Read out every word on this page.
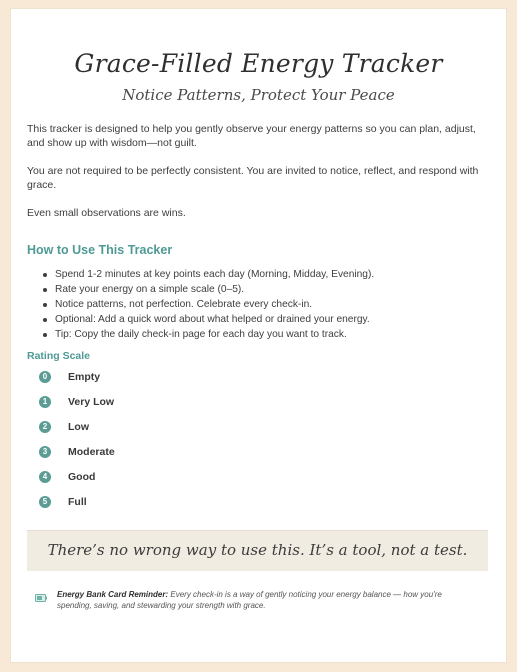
Grace-Filled Energy Tracker
Notice Patterns, Protect Your Peace
This tracker is designed to help you gently observe your energy patterns so you can plan, adjust, and show up with wisdom—not guilt.
You are not required to be perfectly consistent. You are invited to notice, reflect, and respond with grace.
Even small observations are wins.
How to Use This Tracker
Spend 1-2 minutes at key points each day (Morning, Midday, Evening).
Rate your energy on a simple scale (0–5).
Notice patterns, not perfection. Celebrate every check-in.
Optional: Add a quick word about what helped or drained your energy.
Tip: Copy the daily check-in page for each day you want to track.
Rating Scale
0	Empty
1	Very Low
2	Low
3	Moderate
4	Good
5	Full
There’s no wrong way to use this. It’s a tool, not a test.
Energy Bank Card Reminder: Every check-in is a way of gently noticing your energy balance — how you're spending, saving, and stewarding your strength with grace.
